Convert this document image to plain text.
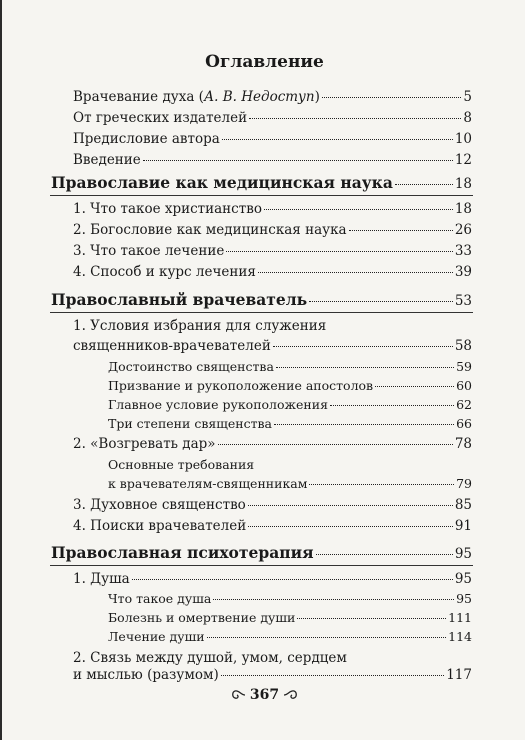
Оглавление
Врачевание духа (А. В. Недоступ)	5
От греческих издателей	8
Предисловие автора	10
Введение	12
Православие как медицинская наука	18
1. Что такое христианство	18
2. Богословие как медицинская наука	26
3. Что такое лечение	33
4. Способ и курс лечения	39
Православный врачеватель	53
1. Условия избрания для служения
священников-врачевателей	58
Достоинство священства	59
Призвание и рукоположение апостолов	60
Главное условие рукоположения	62
Три степени священства	66
2. «Возгревать дар»	78
Основные требования
к врачевателям-священникам	79
3. Духовное священство	85
4. Поиски врачевателей	91
Православная психотерапия	95
1. Душа	95
Что такое душа	95
Болезнь и омертвение души	111
Лечение души	114
2. Связь между душой, умом, сердцем
и мыслью (разумом)	117
367
